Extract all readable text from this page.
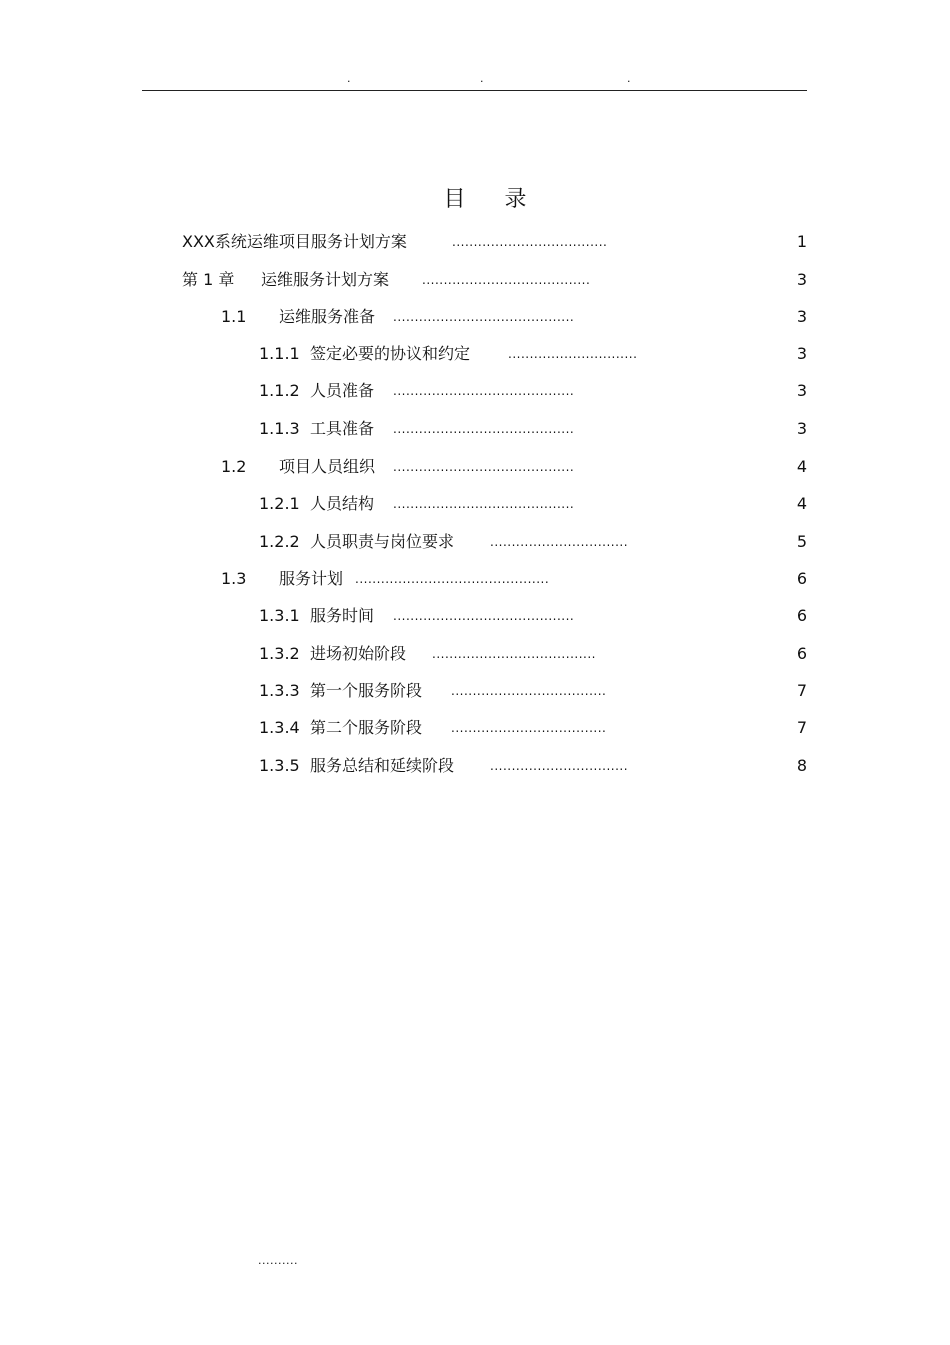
.	.	.
目 录
XXX系统运维项目服务计划方案	....................................	1
第 1 章 运维服务计划方案	.......................................	3
1.1 运维服务准备 ..........................................	3
1.1.1 签定必要的协议和约定	..............................	3
1.1.2 人员准备 ..........................................	3
1.1.3 工具准备 ..........................................	3
1.2 项目人员组织 ..........................................	4
1.2.1 人员结构 ..........................................	4
1.2.2 人员职责与岗位要求	................................	5
1.3 服务计划 .............................................	6
1.3.1 服务时间 ..........................................	6
1.3.2 进场初始阶段 ......................................	6
1.3.3 第一个服务阶段 ....................................	7
1.3.4 第二个服务阶段 ....................................	7
1.3.5 服务总结和延续阶段	................................	8
..........
